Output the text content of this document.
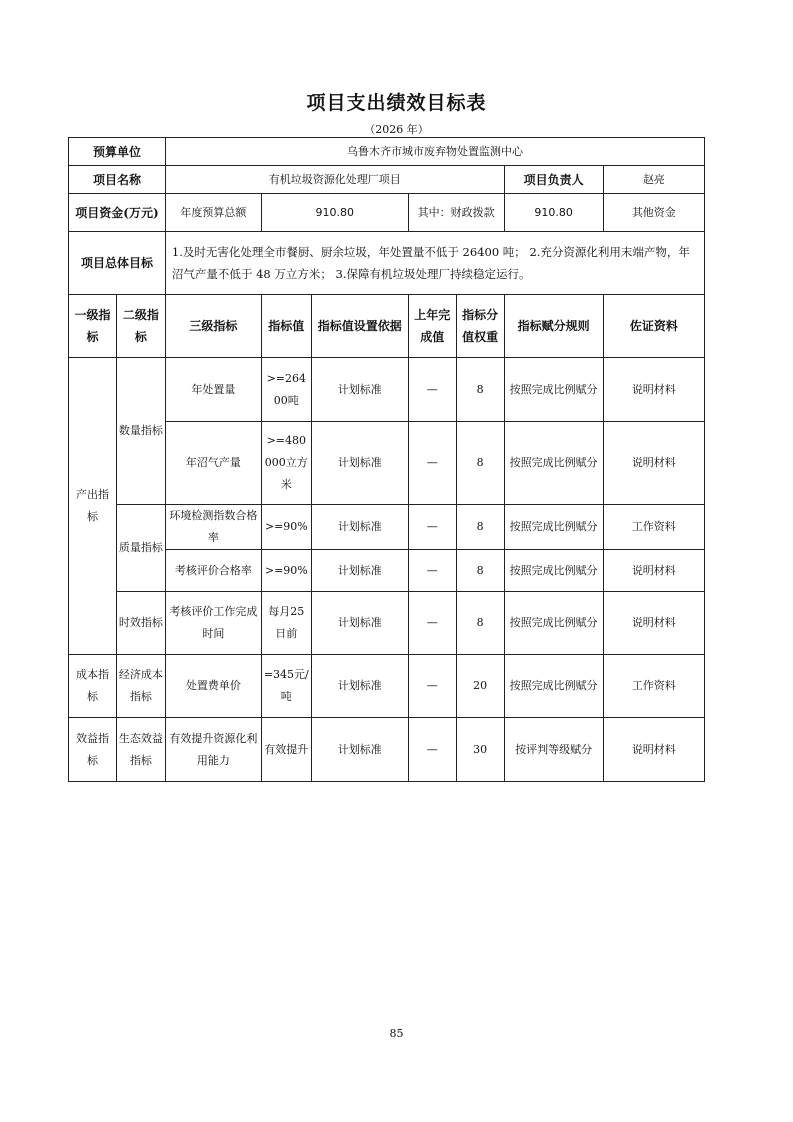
项目支出绩效目标表
（2026 年）
预算单位		乌鲁木齐市城市废弃物处置监测中心						
项目名称		有机垃圾资源化处理厂项目					项目负责人	赵亮
项目资金(万元)		年度预算总额	910.80		其中：财政拨款		910.80	其他资金
项目总体目标		1.及时无害化处理全市餐厨、厨余垃圾，年处置量不低于 26400 吨； 2.充分资源化利用末端产物，年沼气产量不低于 48 万立方米； 3.保障有机垃圾处理厂持续稳定运行。						
一级指标	二级指标	三级指标	指标值	指标值设置依据	上年完成值	指标分值权重	指标赋分规则	佐证资料
产出指标	数量指标	年处置量	>=26400吨	计划标准	—	8	按照完成比例赋分	说明材料
		年沼气产量	>=480000立方米	计划标准	—	8	按照完成比例赋分	说明材料
	质量指标	环境检测指数合格率	>=90%	计划标准	—	8	按照完成比例赋分	工作资料
		考核评价合格率	>=90%	计划标准	—	8	按照完成比例赋分	说明材料
	时效指标	考核评价工作完成时间	每月25日前	计划标准	—	8	按照完成比例赋分	说明材料
成本指标	经济成本指标	处置费单价	=345元/吨	计划标准	—	20	按照完成比例赋分	工作资料
效益指标	生态效益指标	有效提升资源化利用能力	有效提升	计划标准	—	30	按评判等级赋分	说明材料
85
